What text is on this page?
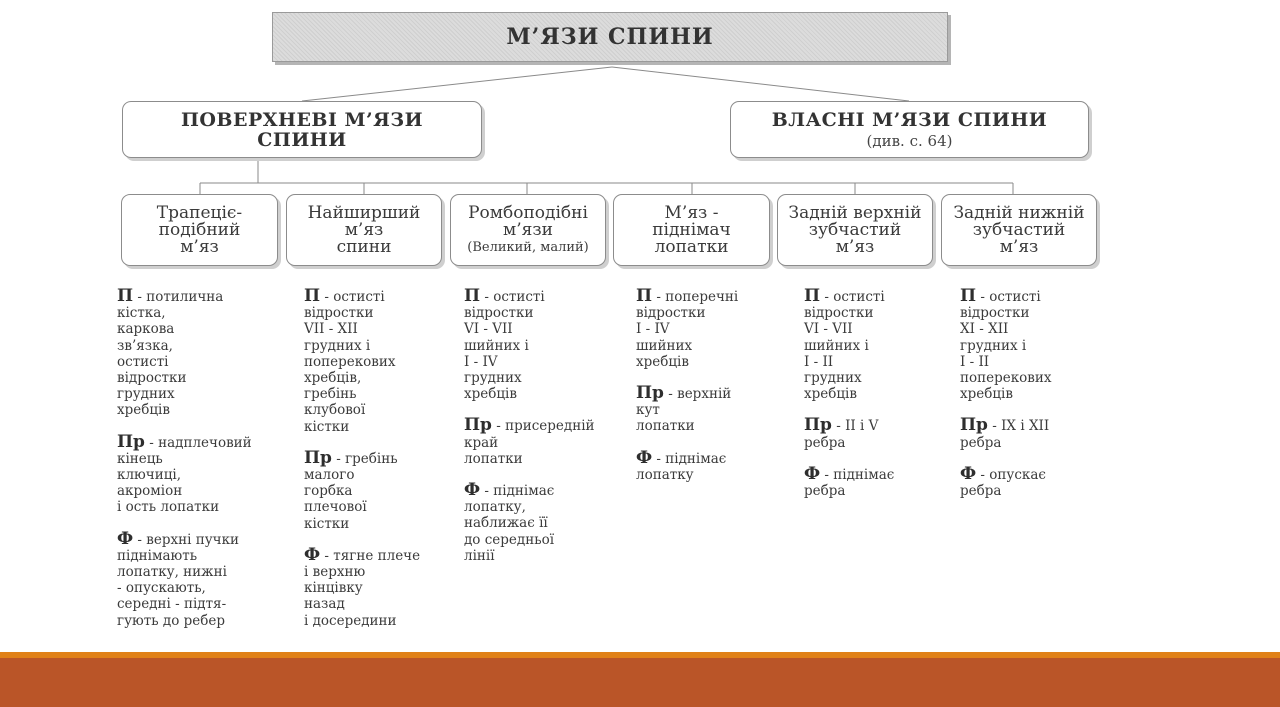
М’ЯЗИ СПИНИ
ПОВЕРХНЕВІ М’ЯЗИ
СПИНИ
ВЛАСНІ М’ЯЗИ СПИНИ
(див. с. 64)
Трапеціє-
подібний
м’яз
Найширший
м’яз
спини
Ромбоподібні
м’язи
(Великий, малий)
М’яз -
піднімач
лопатки
Задній верхній
зубчастий
м’яз
Задній нижній
зубчастий
м’яз
П - потилична
кістка,
каркова
зв’язка,
остисті
відростки
грудних
хребців
Пр - надплечовий
кінець
ключиці,
акроміон
і ость лопатки
Ф - верхні пучки
піднімають
лопатку, нижні
- опускають,
середні - підтя-
гують до ребер
П - остисті
відростки
VII - XII
грудних і
поперекових
хребців,
гребінь
клубової
кістки
Пр - гребінь
малого
горбка
плечової
кістки
Ф - тягне плече
і верхню
кінцівку
назад
і досередини
П - остисті
відростки
VI - VII
шийних і
I - IV
грудних
хребців
Пр - присередній
край
лопатки
Ф - піднімає
лопатку,
наближає її
до середньої
лінії
П - поперечні
відростки
I - IV
шийних
хребців
Пр - верхній
кут
лопатки
Ф - піднімає
лопатку
П - остисті
відростки
VI - VII
шийних і
I - II
грудних
хребців
Пр - II і V
ребра
Ф - піднімає
ребра
П - остисті
відростки
XI - XII
грудних і
I - II
поперекових
хребців
Пр - IX і XII
ребра
Ф - опускає
ребра
